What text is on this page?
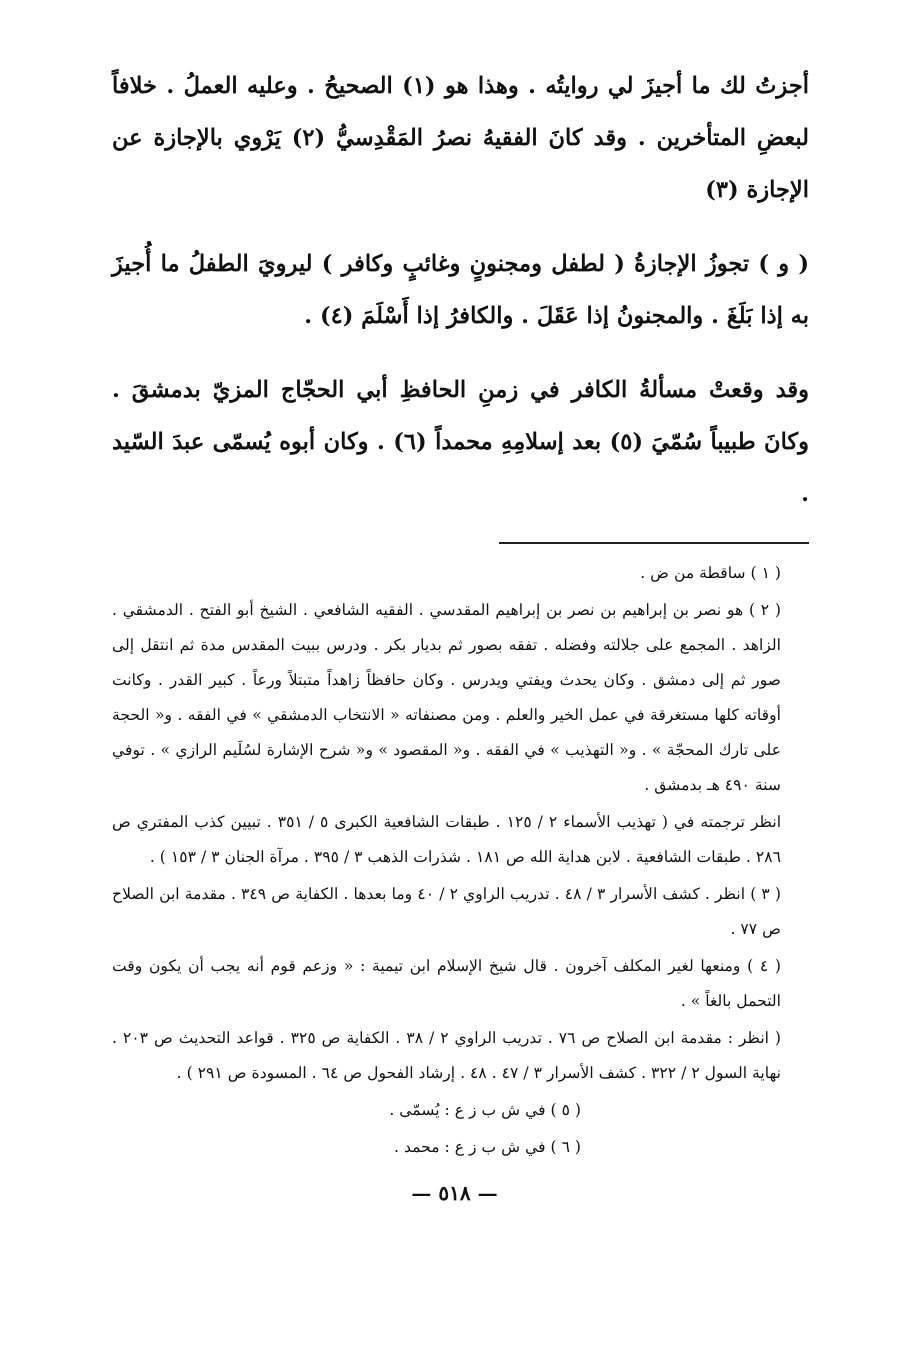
أجزتُ لك ما أجيزَ لي روايتُه . وهذا هو (١) الصحيحُ . وعليه العملُ . خلافاً لبعضِ المتأخرين . وقد كانَ الفقيهُ نصرُ المَقْدِسيُّ (٢) يَرْوي بالإجازة عن الإجازة (٣)

( و ) تجوزُ الإجازةُ ( لطفل ومجنونٍ وغائبٍ وكافر ) ليرويَ الطفلُ ما أُجيزَ به إذا بَلَغَ . والمجنونُ إذا عَقَلَ . والكافرُ إذا أَسْلَمَ (٤) .

وقد وقعتْ مسألةُ الكافر في زمنِ الحافظِ أبي الحجّاج المزيّ بدمشقَ . وكانَ طبيباً سُمّيَ (٥) بعد إسلامِهِ محمداً (٦) . وكان أبوه يُسمّى عبدَ السّيد .

( ١ ) ساقطة من ض .

( ٢ ) هو نصر بن إبراهيم بن نصر بن إبراهيم المقدسي . الفقيه الشافعي . الشيخ أبو الفتح . الدمشقي . الزاهد . المجمع على جلالته وفضله . تفقه بصور ثم بديار بكر . ودرس ببيت المقدس مدة ثم انتقل إلى صور ثم إلى دمشق . وكان يحدث ويفتي ويدرس . وكان حافظاً زاهداً متبتلاً ورعاً . كبير القدر . وكانت أوقاته كلها مستغرقة في عمل الخير والعلم . ومن مصنفاته « الانتخاب الدمشقي » في الفقه . و« الحجة على تارك المحجّة » . و« التهذيب » في الفقه . و« المقصود » و« شرح الإشارة لسُلَيم الرازي » . توفي سنة ٤٩٠ هـ بدمشق .

انظر ترجمته في ( تهذيب الأسماء ٢ / ١٢٥ . طبقات الشافعية الكبرى ٥ / ٣٥١ . تبيين كذب المفتري ص ٢٨٦ . طبقات الشافعية . لابن هداية الله ص ١٨١ . شذرات الذهب ٣ / ٣٩٥ . مرآة الجنان ٣ / ١٥٣ ) .

( ٣ ) انظر . كشف الأسرار ٣ / ٤٨ . تدريب الراوي ٢ / ٤٠ وما بعدها . الكفاية ص ٣٤٩ . مقدمة ابن الصلاح ص ٧٧ .

( ٤ ) ومنعها لغير المكلف آخرون . قال شيخ الإسلام ابن تيمية : « وزعم قوم أنه يجب أن يكون وقت التحمل بالغاً » .

( انظر : مقدمة ابن الصلاح ص ٧٦ . تدريب الراوي ٢ / ٣٨ . الكفاية ص ٣٢٥ . قواعد التحديث ص ٢٠٣ . نهاية السول ٢ / ٣٢٢ . كشف الأسرار ٣ / ٤٧ . ٤٨ . إرشاد الفحول ص ٦٤ . المسودة ص ٢٩١ ) .

( ٥ ) في ش ب ز ع : يُسمّى .

( ٦ ) في ش ب ز ع : محمد .

— ٥١٨ —
